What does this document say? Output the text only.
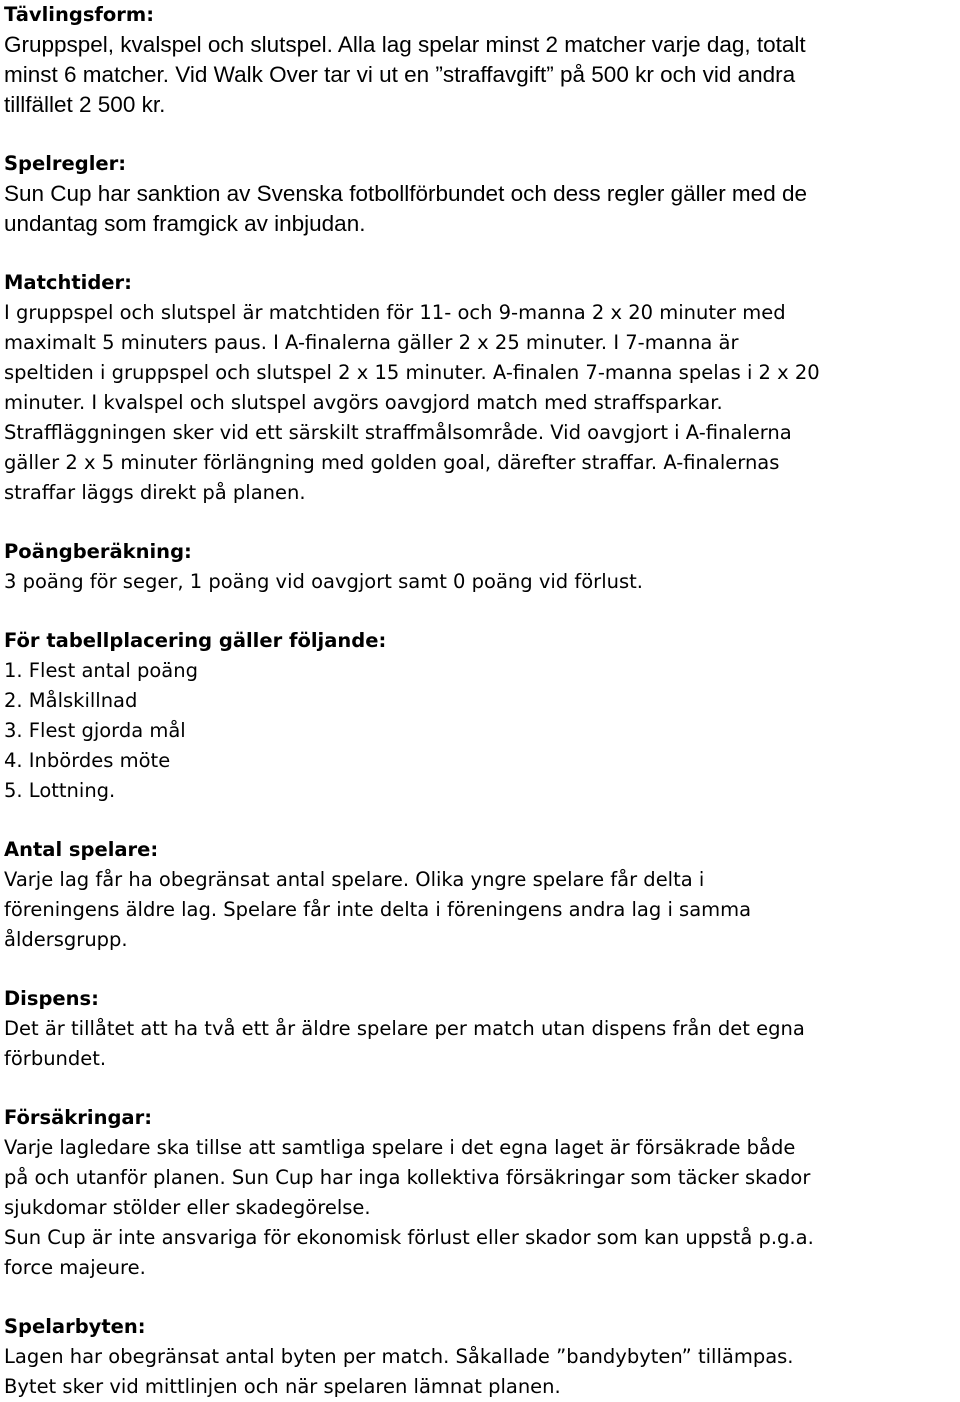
Tävlingsform:
Gruppspel, kvalspel och slutspel. Alla lag spelar minst 2 matcher varje dag, totalt
minst 6 matcher. Vid Walk Over tar vi ut en ”straffavgift” på 500 kr och vid andra
tillfället 2 500 kr.
Spelregler:
Sun Cup har sanktion av Svenska fotbollförbundet och dess regler gäller med de
undantag som framgick av inbjudan.
Matchtider:
I gruppspel och slutspel är matchtiden för 11- och 9-manna 2 x 20 minuter med
maximalt 5 minuters paus. I A-finalerna gäller 2 x 25 minuter. I 7-manna är
speltiden i gruppspel och slutspel 2 x 15 minuter. A-finalen 7-manna spelas i 2 x 20
minuter. I kvalspel och slutspel avgörs oavgjord match med straffsparkar.
Straffläggningen sker vid ett särskilt straffmålsområde. Vid oavgjort i A-finalerna
gäller 2 x 5 minuter förlängning med golden goal, därefter straffar. A-finalernas
straffar läggs direkt på planen.
Poängberäkning:
3 poäng för seger, 1 poäng vid oavgjort samt 0 poäng vid förlust.
För tabellplacering gäller följande:
1. Flest antal poäng
2. Målskillnad
3. Flest gjorda mål
4. Inbördes möte
5. Lottning.
Antal spelare:
Varje lag får ha obegränsat antal spelare. Olika yngre spelare får delta i
föreningens äldre lag. Spelare får inte delta i föreningens andra lag i samma
åldersgrupp.
Dispens:
Det är tillåtet att ha två ett år äldre spelare per match utan dispens från det egna
förbundet.
Försäkringar:
Varje lagledare ska tillse att samtliga spelare i det egna laget är försäkrade både
på och utanför planen. Sun Cup har inga kollektiva försäkringar som täcker skador
sjukdomar stölder eller skadegörelse.
Sun Cup är inte ansvariga för ekonomisk förlust eller skador som kan uppstå p.g.a.
force majeure.
Spelarbyten:
Lagen har obegränsat antal byten per match. Såkallade ”bandybyten” tillämpas.
Bytet sker vid mittlinjen och när spelaren lämnat planen.
